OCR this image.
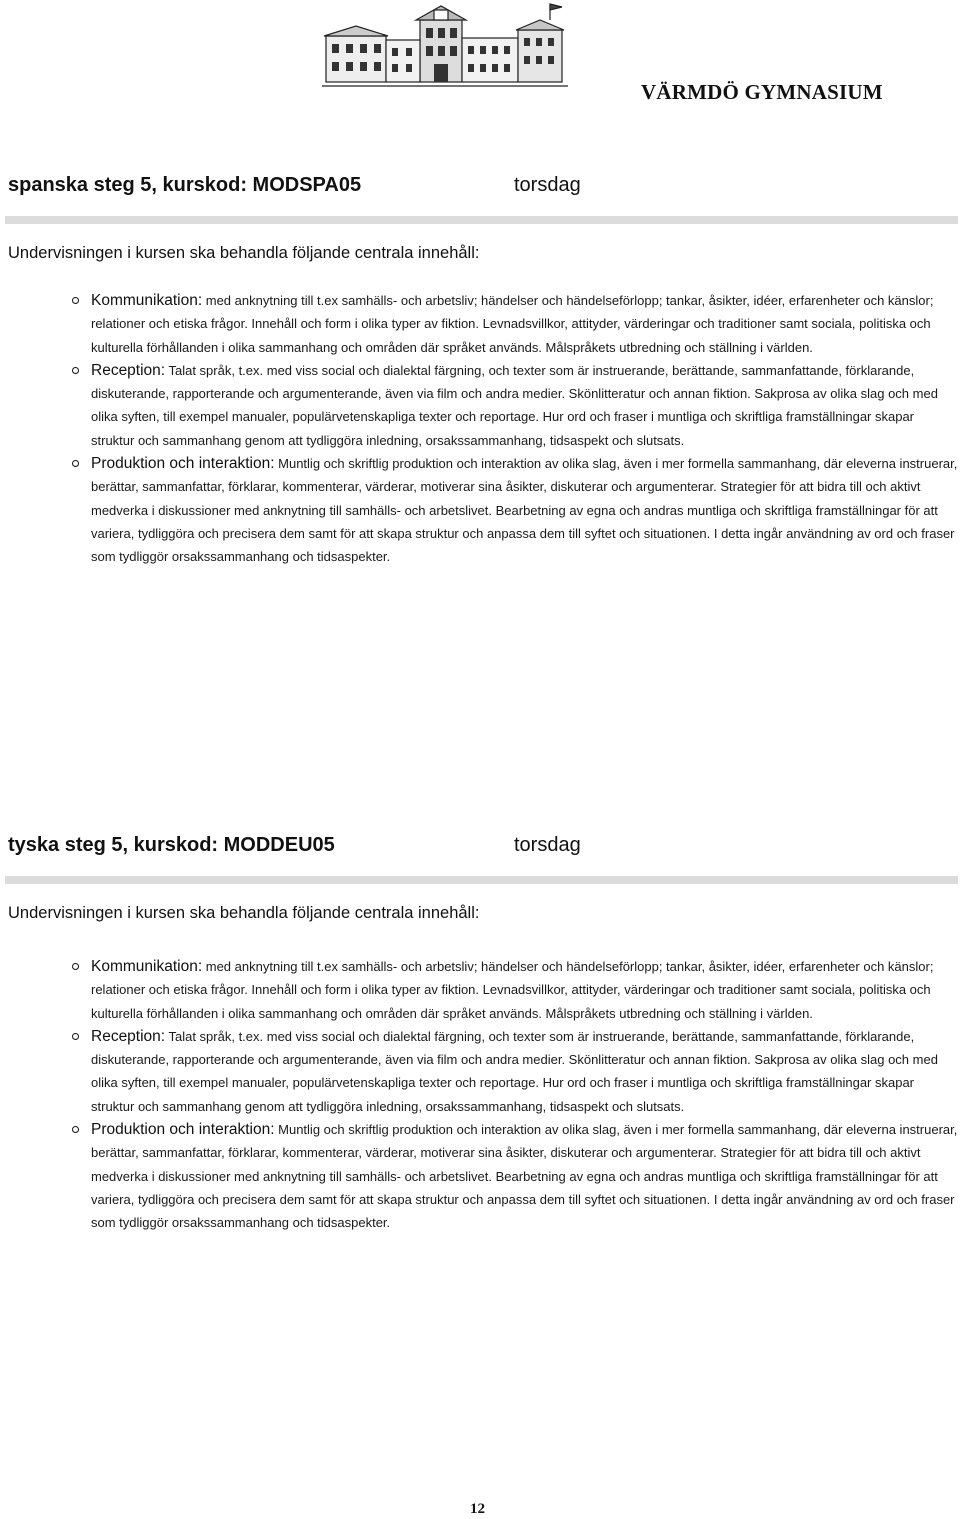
VÄRMDÖ GYMNASIUM

spanska steg 5, kurskod: MODSPA05	torsdag

Undervisningen i kursen ska behandla följande centrala innehåll:

Kommunikation: med anknytning till t.ex samhälls- och arbetsliv; händelser och händelseförlopp; tankar, åsikter, idéer, erfarenheter och känslor; relationer och etiska frågor. Innehåll och form i olika typer av fiktion. Levnadsvillkor, attityder, värderingar och traditioner samt sociala, politiska och kulturella förhållanden i olika sammanhang och områden där språket används. Målspråkets utbredning och ställning i världen.
Reception: Talat språk, t.ex. med viss social och dialektal färgning, och texter som är instruerande, berättande, sammanfattande, förklarande, diskuterande, rapporterande och argumenterande, även via film och andra medier. Skönlitteratur och annan fiktion. Sakprosa av olika slag och med olika syften, till exempel manualer, populärvetenskapliga texter och reportage. Hur ord och fraser i muntliga och skriftliga framställningar skapar struktur och sammanhang genom att tydliggöra inledning, orsakssammanhang, tidsaspekt och slutsats.
Produktion och interaktion: Muntlig och skriftlig produktion och interaktion av olika slag, även i mer formella sammanhang, där eleverna instruerar, berättar, sammanfattar, förklarar, kommenterar, värderar, motiverar sina åsikter, diskuterar och argumenterar. Strategier för att bidra till och aktivt medverka i diskussioner med anknytning till samhälls- och arbetslivet. Bearbetning av egna och andras muntliga och skriftliga framställningar för att variera, tydliggöra och precisera dem samt för att skapa struktur och anpassa dem till syftet och situationen. I detta ingår användning av ord och fraser som tydliggör orsakssammanhang och tidsaspekter.
tyska steg 5, kurskod: MODDEU05	torsdag

Undervisningen i kursen ska behandla följande centrala innehåll:

Kommunikation: med anknytning till t.ex samhälls- och arbetsliv; händelser och händelseförlopp; tankar, åsikter, idéer, erfarenheter och känslor; relationer och etiska frågor. Innehåll och form i olika typer av fiktion. Levnadsvillkor, attityder, värderingar och traditioner samt sociala, politiska och kulturella förhållanden i olika sammanhang och områden där språket används. Målspråkets utbredning och ställning i världen.
Reception: Talat språk, t.ex. med viss social och dialektal färgning, och texter som är instruerande, berättande, sammanfattande, förklarande, diskuterande, rapporterande och argumenterande, även via film och andra medier. Skönlitteratur och annan fiktion. Sakprosa av olika slag och med olika syften, till exempel manualer, populärvetenskapliga texter och reportage. Hur ord och fraser i muntliga och skriftliga framställningar skapar struktur och sammanhang genom att tydliggöra inledning, orsakssammanhang, tidsaspekt och slutsats.
Produktion och interaktion: Muntlig och skriftlig produktion och interaktion av olika slag, även i mer formella sammanhang, där eleverna instruerar, berättar, sammanfattar, förklarar, kommenterar, värderar, motiverar sina åsikter, diskuterar och argumenterar. Strategier för att bidra till och aktivt medverka i diskussioner med anknytning till samhälls- och arbetslivet. Bearbetning av egna och andras muntliga och skriftliga framställningar för att variera, tydliggöra och precisera dem samt för att skapa struktur och anpassa dem till syftet och situationen. I detta ingår användning av ord och fraser som tydliggör orsakssammanhang och tidsaspekter.

12
